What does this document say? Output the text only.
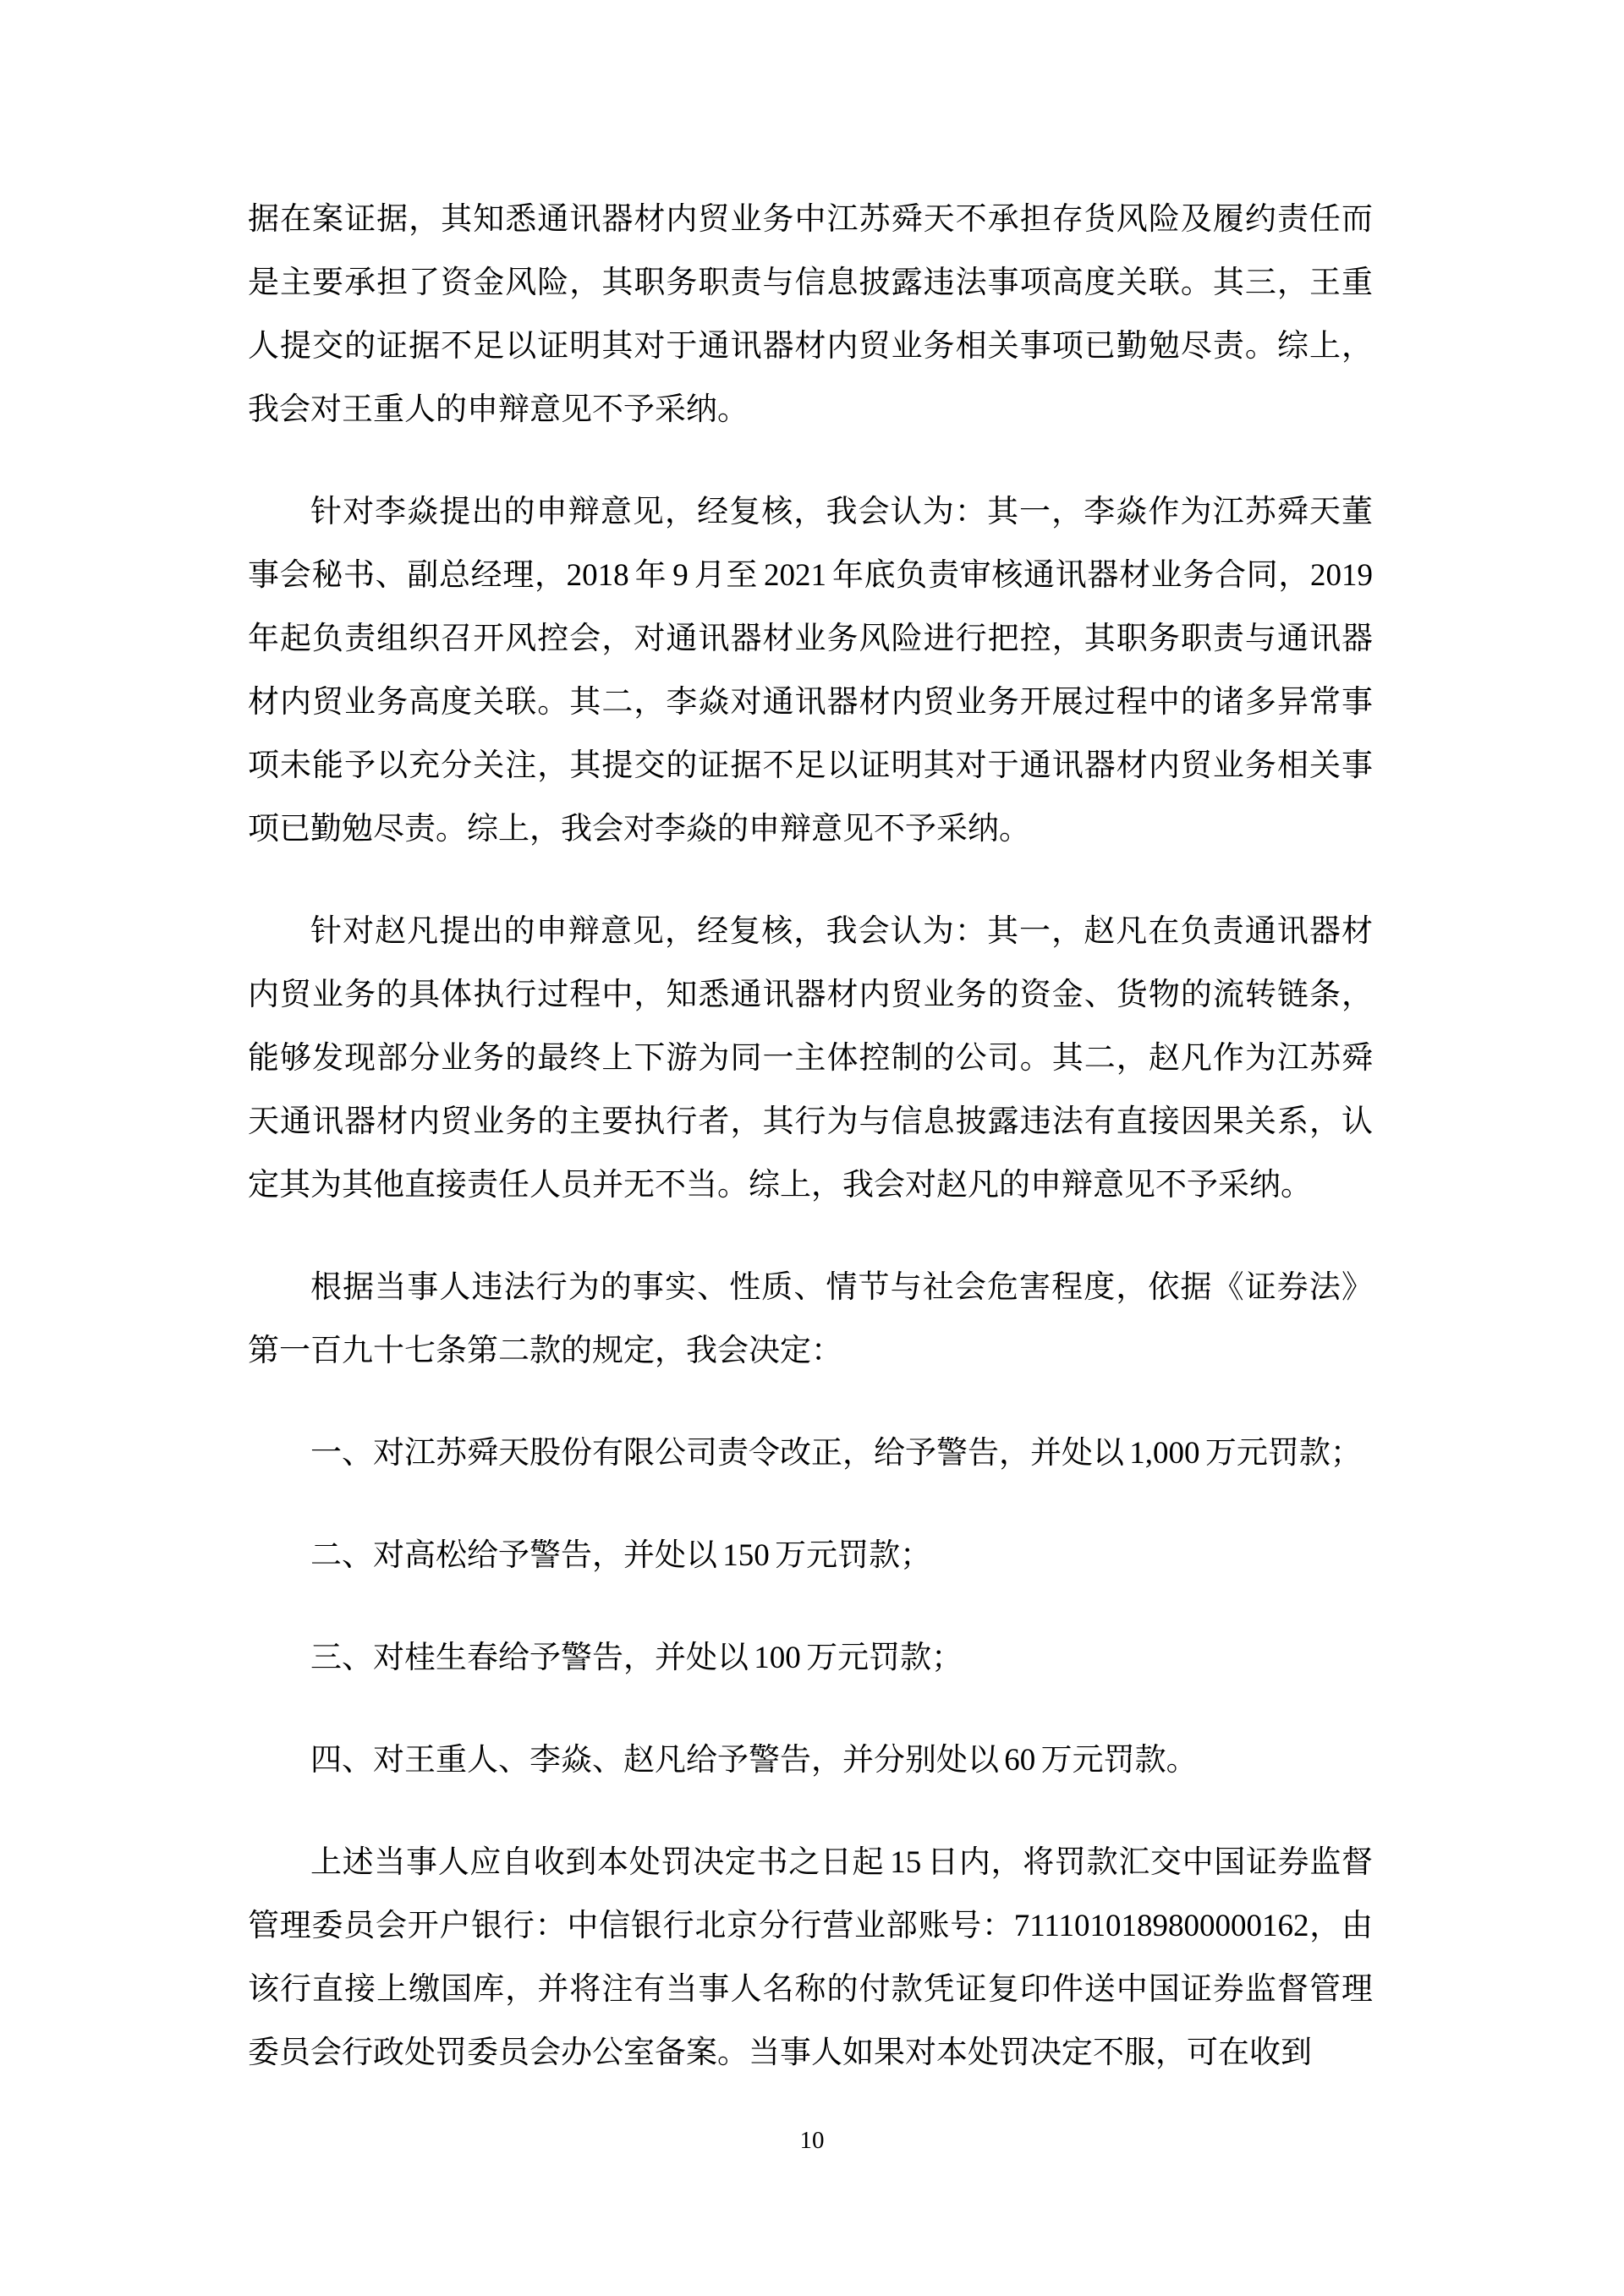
据在案证据，其知悉通讯器材内贸业务中江苏舜天不承担存货风险及履约责任而是主要承担了资金风险，其职务职责与信息披露违法事项高度关联。其三，王重人提交的证据不足以证明其对于通讯器材内贸业务相关事项已勤勉尽责。综上，我会对王重人的申辩意见不予采纳。

针对李焱提出的申辩意见，经复核，我会认为：其一，李焱作为江苏舜天董事会秘书、副总经理，2018 年 9 月至 2021 年底负责审核通讯器材业务合同，2019 年起负责组织召开风控会，对通讯器材业务风险进行把控，其职务职责与通讯器材内贸业务高度关联。其二，李焱对通讯器材内贸业务开展过程中的诸多异常事项未能予以充分关注，其提交的证据不足以证明其对于通讯器材内贸业务相关事项已勤勉尽责。综上，我会对李焱的申辩意见不予采纳。

针对赵凡提出的申辩意见，经复核，我会认为：其一，赵凡在负责通讯器材内贸业务的具体执行过程中，知悉通讯器材内贸业务的资金、货物的流转链条，能够发现部分业务的最终上下游为同一主体控制的公司。其二，赵凡作为江苏舜天通讯器材内贸业务的主要执行者，其行为与信息披露违法有直接因果关系，认定其为其他直接责任人员并无不当。综上，我会对赵凡的申辩意见不予采纳。

根据当事人违法行为的事实、性质、情节与社会危害程度，依据《证券法》第一百九十七条第二款的规定，我会决定：

一、对江苏舜天股份有限公司责令改正，给予警告，并处以 1,000 万元罚款；

二、对高松给予警告，并处以 150 万元罚款；

三、对桂生春给予警告，并处以 100 万元罚款；

四、对王重人、李焱、赵凡给予警告，并分别处以 60 万元罚款。

上述当事人应自收到本处罚决定书之日起 15 日内，将罚款汇交中国证券监督管理委员会开户银行：中信银行北京分行营业部账号：7111010189800000162，由该行直接上缴国库，并将注有当事人名称的付款凭证复印件送中国证券监督管理委员会行政处罚委员会办公室备案。当事人如果对本处罚决定不服，可在收到

10
